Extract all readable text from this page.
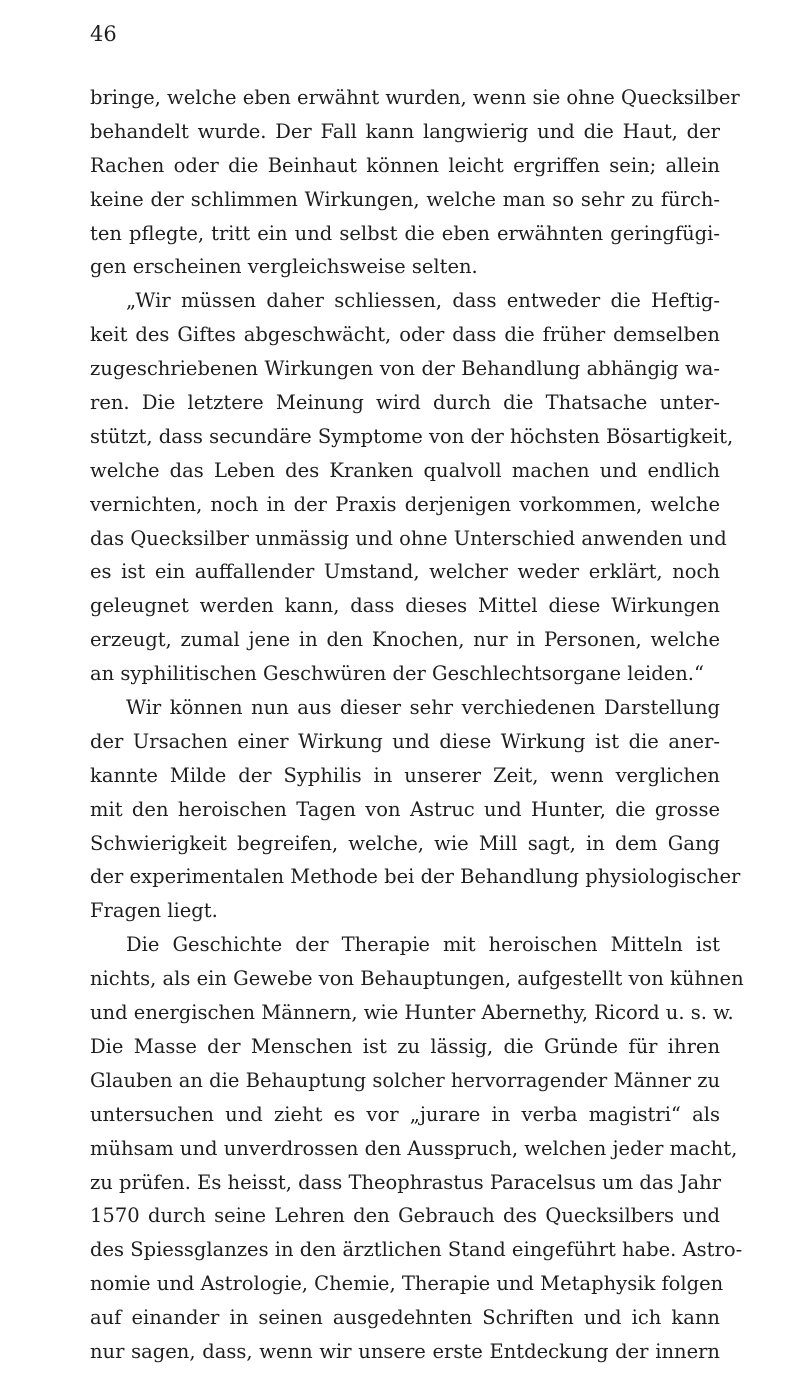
46
bringe, welche eben erwähnt wurden, wenn sie ohne Quecksilber
behandelt wurde. Der Fall kann langwierig und die Haut, der
Rachen oder die Beinhaut können leicht ergriffen sein; allein
keine der schlimmen Wirkungen, welche man so sehr zu fürch-
ten pflegte, tritt ein und selbst die eben erwähnten geringfügi-
gen erscheinen vergleichsweise selten.
„Wir müssen daher schliessen, dass entweder die Heftig-
keit des Giftes abgeschwächt, oder dass die früher demselben
zugeschriebenen Wirkungen von der Behandlung abhängig wa-
ren. Die letztere Meinung wird durch die Thatsache unter-
stützt, dass secundäre Symptome von der höchsten Bösartigkeit,
welche das Leben des Kranken qualvoll machen und endlich
vernichten, noch in der Praxis derjenigen vorkommen, welche
das Quecksilber unmässig und ohne Unterschied anwenden und
es ist ein auffallender Umstand, welcher weder erklärt, noch
geleugnet werden kann, dass dieses Mittel diese Wirkungen
erzeugt, zumal jene in den Knochen, nur in Personen, welche
an syphilitischen Geschwüren der Geschlechtsorgane leiden.“
Wir können nun aus dieser sehr verchiedenen Darstellung
der Ursachen einer Wirkung und diese Wirkung ist die aner-
kannte Milde der Syphilis in unserer Zeit, wenn verglichen
mit den heroischen Tagen von Astruc und Hunter, die grosse
Schwierigkeit begreifen, welche, wie Mill sagt, in dem Gang
der experimentalen Methode bei der Behandlung physiologischer
Fragen liegt.
Die Geschichte der Therapie mit heroischen Mitteln ist
nichts, als ein Gewebe von Behauptungen, aufgestellt von kühnen
und energischen Männern, wie Hunter Abernethy, Ricord u. s. w.
Die Masse der Menschen ist zu lässig, die Gründe für ihren
Glauben an die Behauptung solcher hervorragender Männer zu
untersuchen und zieht es vor „jurare in verba magistri“ als
mühsam und unverdrossen den Ausspruch, welchen jeder macht,
zu prüfen. Es heisst, dass Theophrastus Paracelsus um das Jahr
1570 durch seine Lehren den Gebrauch des Quecksilbers und
des Spiessglanzes in den ärztlichen Stand eingeführt habe. Astro-
nomie und Astrologie, Chemie, Therapie und Metaphysik folgen
auf einander in seinen ausgedehnten Schriften und ich kann
nur sagen, dass, wenn wir unsere erste Entdeckung der innern
